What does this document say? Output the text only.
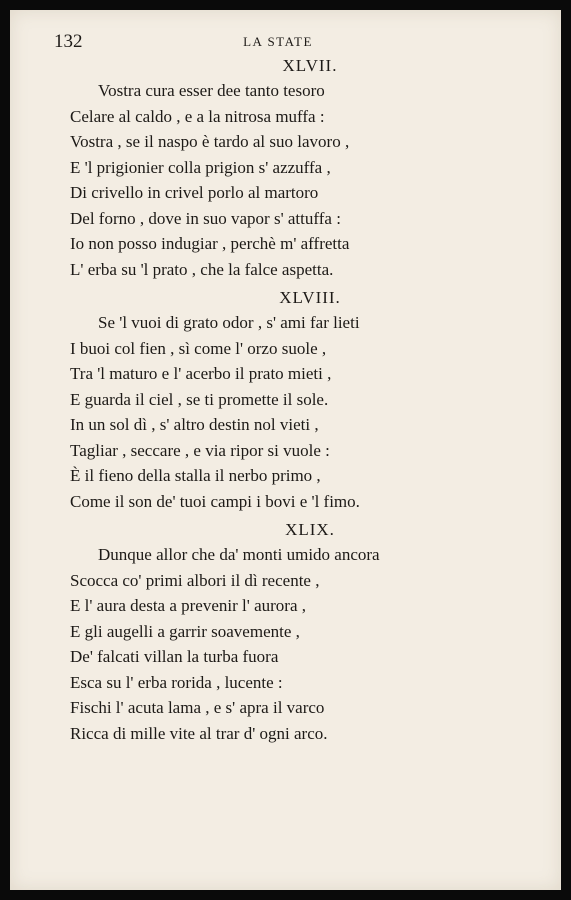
132	LA STATE
XLVII.
Vostra cura esser dee tanto tesoro
Celare al caldo , e a la nitrosa muffa :
Vostra , se il naspo è tardo al suo lavoro ,
E 'l prigionier colla prigion s' azzuffa ,
Di crivello in crivel porlo al martoro
Del forno , dove in suo vapor s' attuffa :
Io non posso indugiar , perchè m' affretta
L' erba su 'l prato , che la falce aspetta.
XLVIII.
Se 'l vuoi di grato odor , s' ami far lieti
I buoi col fien , sì come l' orzo suole ,
Tra 'l maturo e l' acerbo il prato mieti ,
E guarda il ciel , se ti promette il sole.
In un sol dì , s' altro destin nol vieti ,
Tagliar , seccare , e via ripor si vuole :
È il fieno della stalla il nerbo primo ,
Come il son de' tuoi campi i bovi e 'l fimo.
XLIX.
Dunque allor che da' monti umido ancora
Scocca co' primi albori il dì recente ,
E l' aura desta a prevenir l' aurora ,
E gli augelli a garrir soavemente ,
De' falcati villan la turba fuora
Esca su l' erba rorida , lucente :
Fischi l' acuta lama , e s' apra il varco
Ricca di mille vite al trar d' ogni arco.
